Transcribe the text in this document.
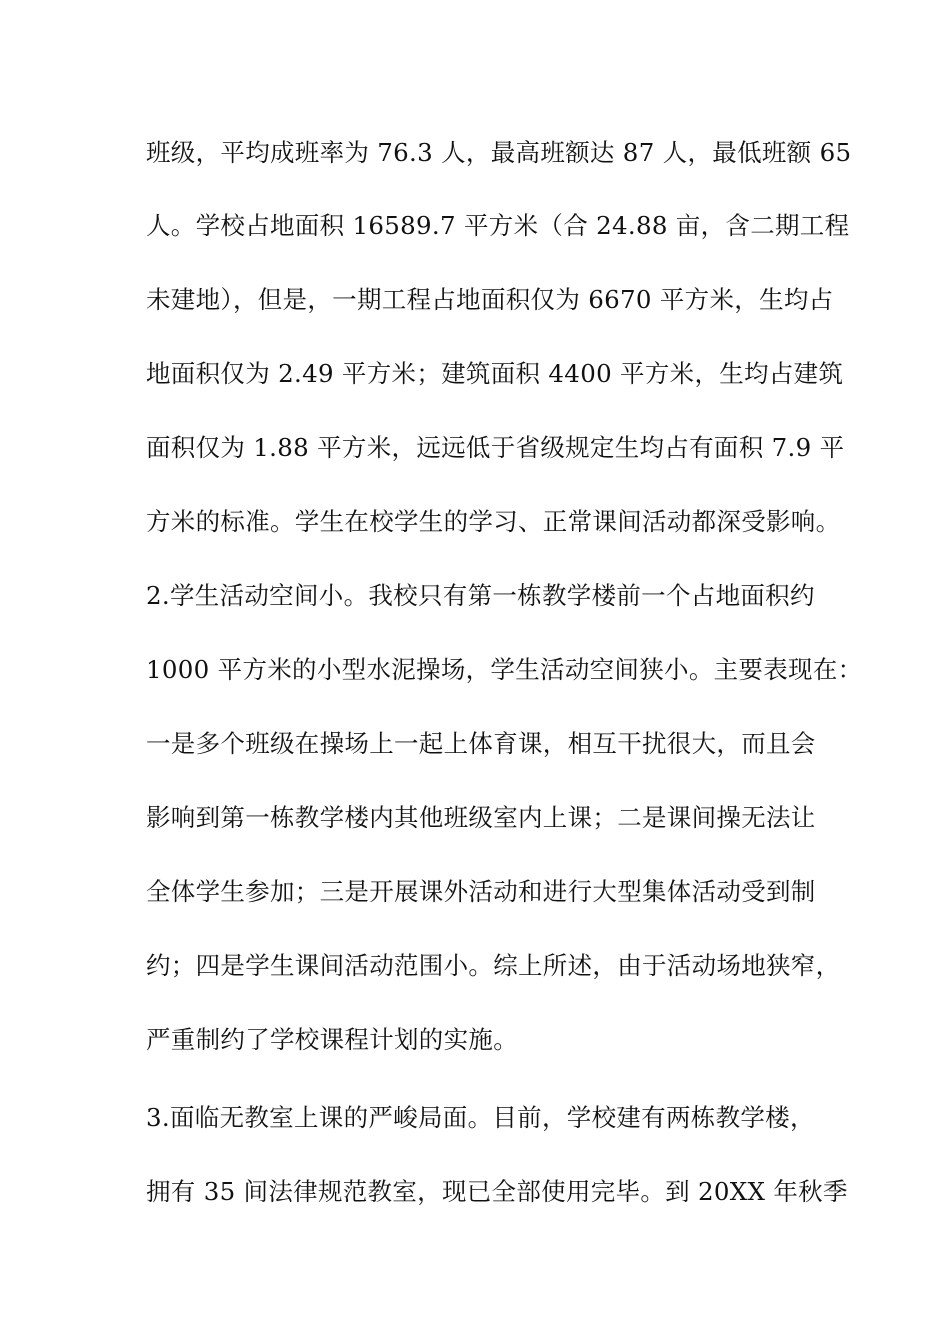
班级，平均成班率为 76.3 人，最高班额达 87 人，最低班额 65
人。学校占地面积 16589.7 平方米（合 24.88 亩，含二期工程
未建地），但是，一期工程占地面积仅为 6670 平方米，生均占
地面积仅为 2.49 平方米；建筑面积 4400 平方米，生均占建筑
面积仅为 1.88 平方米，远远低于省级规定生均占有面积 7.9 平
方米的标准。学生在校学生的学习、正常课间活动都深受影响。
2.学生活动空间小。我校只有第一栋教学楼前一个占地面积约
1000 平方米的小型水泥操场，学生活动空间狭小。主要表现在：
一是多个班级在操场上一起上体育课，相互干扰很大，而且会
影响到第一栋教学楼内其他班级室内上课；二是课间操无法让
全体学生参加；三是开展课外活动和进行大型集体活动受到制
约；四是学生课间活动范围小。综上所述，由于活动场地狭窄，
严重制约了学校课程计划的实施。
3.面临无教室上课的严峻局面。目前，学校建有两栋教学楼，
拥有 35 间法律规范教室，现已全部使用完毕。到 20XX 年秋季
